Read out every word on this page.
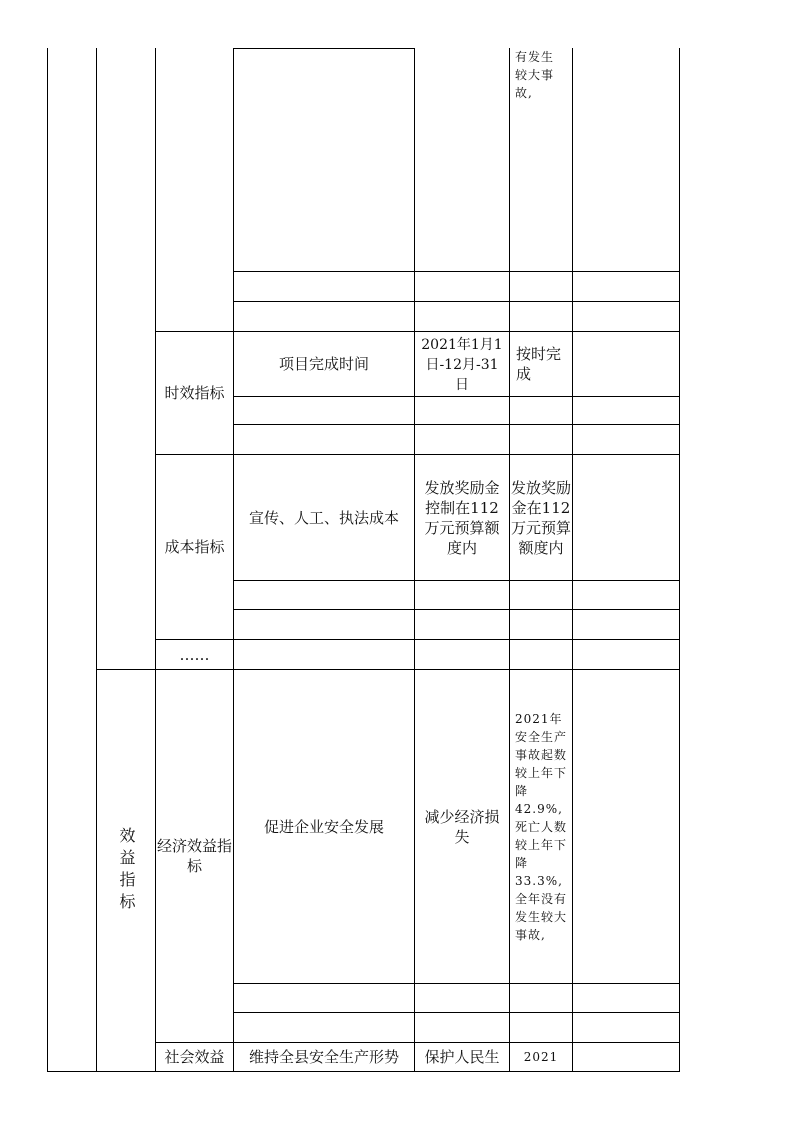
有发生较大事故,
时效指标
项目完成时间
2021年1月1日-12月-31日
按时完成
成本指标
宣传、人工、执法成本
发放奖励金控制在112万元预算额度内
发放奖励金在112万元预算额度内
……
效益指标 经济效益指标
促进企业安全发展
减少经济损失
2021年安全生产事故起数较上年下降42.9%,死亡人数较上年下降33.3%,全年没有发生较大事故,
社会效益 维持全县安全生产形势 保护人民生 2021
